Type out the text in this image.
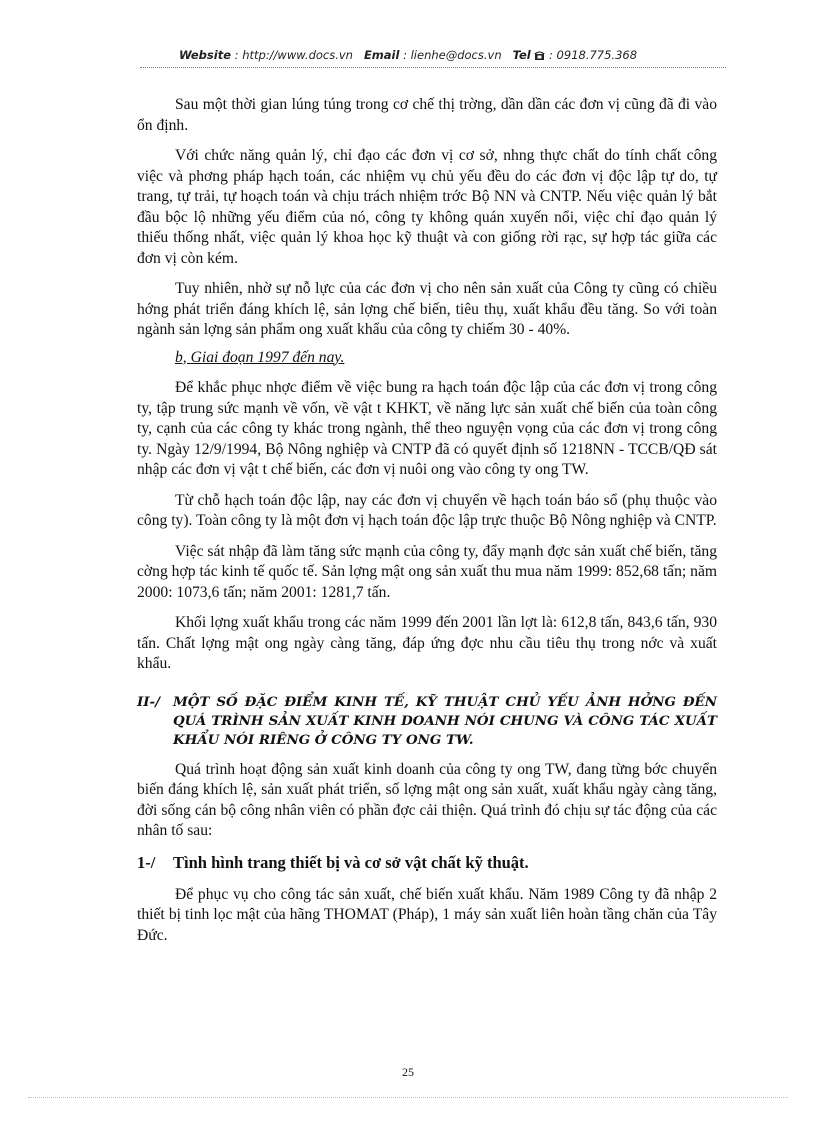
Website : http://www.docs.vn Email : lienhe@docs.vn Tel : 0918.775.368

Sau một thời gian lúng túng trong cơ chế thị trờng, dần dần các đơn vị cũng đã đi vào ổn định.

Với chức năng quản lý, chỉ đạo các đơn vị cơ sở, nhng thực chất do tính chất công việc và phơng pháp hạch toán, các nhiệm vụ chủ yếu đều do các đơn vị độc lập tự do, tự trang, tự trải, tự hoạch toán và chịu trách nhiệm trớc Bộ NN và CNTP. Nếu việc quản lý bắt đầu bộc lộ những yếu điểm của nó, công ty không quán xuyến nổi, việc chỉ đạo quản lý thiếu thống nhất, việc quản lý khoa học kỹ thuật và con giống rời rạc, sự hợp tác giữa các đơn vị còn kém.

Tuy nhiên, nhờ sự nỗ lực của các đơn vị cho nên sản xuất của Công ty cũng có chiều hớng phát triển đáng khích lệ, sản lợng chế biến, tiêu thụ, xuất khẩu đều tăng. So với toàn ngành sản lợng sản phẩm ong xuất khẩu của công ty chiếm 30 - 40%.

b, Giai đoạn 1997 đến nay.

Để khắc phục nhợc điểm về việc bung ra hạch toán độc lập của các đơn vị trong công ty, tập trung sức mạnh về vốn, về vật t KHKT, về năng lực sản xuất chế biến của toàn công ty, cạnh của các công ty khác trong ngành, thể theo nguyện vọng của các đơn vị trong công ty. Ngày 12/9/1994, Bộ Nông nghiệp và CNTP đã có quyết định số 1218NN - TCCB/QĐ sát nhập các đơn vị vật t chế biến, các đơn vị nuôi ong vào công ty ong TW.

Từ chỗ hạch toán độc lập, nay các đơn vị chuyển về hạch toán báo sổ (phụ thuộc vào công ty). Toàn công ty là một đơn vị hạch toán độc lập trực thuộc Bộ Nông nghiệp và CNTP.

Việc sát nhập đã làm tăng sức mạnh của công ty, đẩy mạnh đợc sản xuất chế biến, tăng cờng hợp tác kinh tế quốc tế. Sản lợng mật ong sản xuất thu mua năm 1999: 852,68 tấn; năm 2000: 1073,6 tấn; năm 2001: 1281,7 tấn.

Khối lợng xuất khẩu trong các năm 1999 đến 2001 lần lợt là: 612,8 tấn, 843,6 tấn, 930 tấn. Chất lợng mật ong ngày càng tăng, đáp ứng đợc nhu cầu tiêu thụ trong nớc và xuất khẩu.

II-/ MỘT SỐ ĐẶC ĐIỂM KINH TẾ, KỸ THUẬT CHỦ YẾU ẢNH HỞNG ĐẾN QUÁ TRÌNH SẢN XUẤT KINH DOANH NÓI CHUNG VÀ CÔNG TÁC XUẤT KHẨU NÓI RIÊNG Ở CÔNG TY ONG TW.

Quá trình hoạt động sản xuất kinh doanh của công ty ong TW, đang từng bớc chuyển biến đáng khích lệ, sản xuất phát triển, số lợng mật ong sản xuất, xuất khẩu ngày càng tăng, đời sống cán bộ công nhân viên có phần đợc cải thiện. Quá trình đó chịu sự tác động của các nhân tố sau:

1-/	Tình hình trang thiết bị và cơ sở vật chất kỹ thuật.

Để phục vụ cho công tác sản xuất, chế biến xuất khẩu. Năm 1989 Công ty đã nhập 2 thiết bị tinh lọc mật của hãng THOMAT (Pháp), 1 máy sản xuất liên hoàn tầng chăn của Tây Đức.

25
